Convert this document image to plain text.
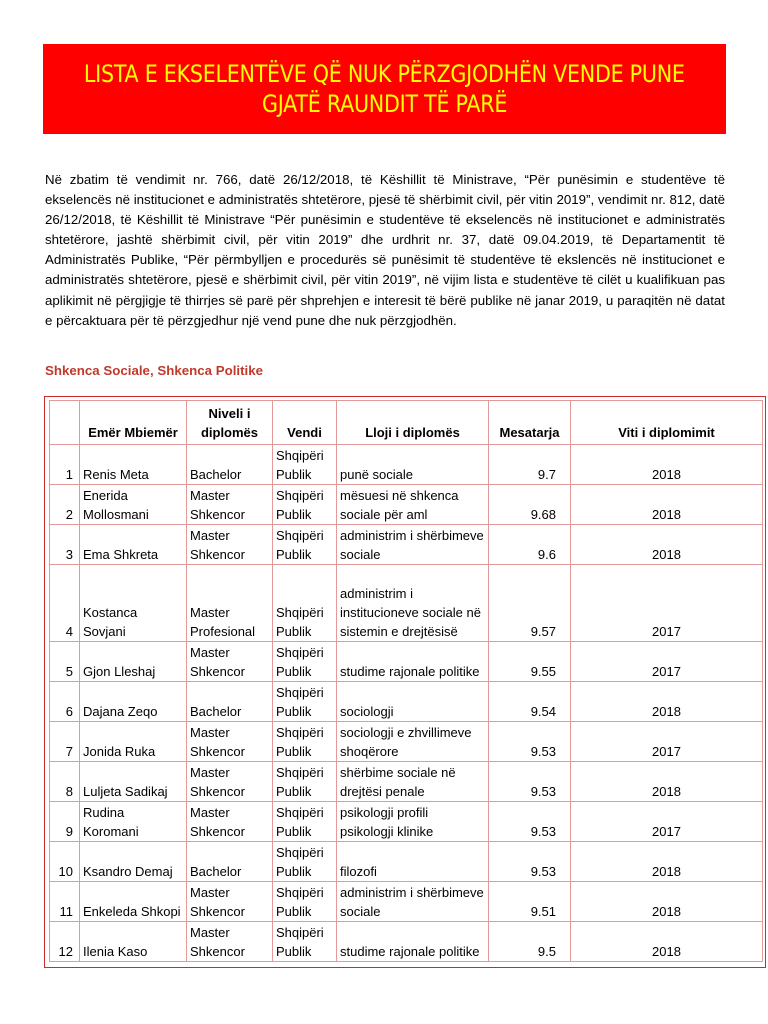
LISTA E EKSELENTËVE QË NUK PËRZGJODHËN VENDE PUNE
GJATË RAUNDIT TË PARË
Në zbatim të vendimit nr. 766, datë 26/12/2018, të Këshillit të Ministrave, “Për punësimin e studentëve të ekselencës në institucionet e administratës shtetërore, pjesë të shërbimit civil, për vitin 2019”, vendimit nr. 812, datë 26/12/2018, të Këshillit të Ministrave “Për punësimin e studentëve të ekselencës në institucionet e administratës shtetërore, jashtë shërbimit civil, për vitin 2019” dhe urdhrit nr. 37, datë 09.04.2019, të Departamentit të Administratës Publike, “Për përmbylljen e procedurës së punësimit të studentëve të ekslencës në institucionet e administratës shtetërore, pjesë e shërbimit civil, për vitin 2019”, në vijim lista e studentëve të cilët u kualifikuan pas aplikimit në përgjigje të thirrjes së parë për shprehjen e interesit të bërë publike në janar 2019, u paraqitën në datat e përcaktuara për të përzgjedhur një vend pune dhe nuk përzgjodhën.
Shkenca Sociale, Shkenca Politike
	Emër Mbiemër	Niveli i diplomës	Vendi	Lloji i diplomës	Mesatarja	Viti i diplomimit
1	Renis Meta	Bachelor	Shqipëri Publik	punë sociale	9.7	2018
2	Enerida Mollosmani	Master Shkencor	Shqipëri Publik	mësuesi në shkenca sociale për aml	9.68	2018
3	Ema Shkreta	Master Shkencor	Shqipëri Publik	administrim i shërbimeve sociale	9.6	2018
4	Kostanca Sovjani	Master Profesional	Shqipëri Publik	administrim i institucioneve sociale në sistemin e drejtësisë	9.57	2017
5	Gjon Lleshaj	Master Shkencor	Shqipëri Publik	studime rajonale politike	9.55	2017
6	Dajana Zeqo	Bachelor	Shqipëri Publik	sociologji	9.54	2018
7	Jonida Ruka	Master Shkencor	Shqipëri Publik	sociologji e zhvillimeve shoqërore	9.53	2017
8	Luljeta Sadikaj	Master Shkencor	Shqipëri Publik	shërbime sociale në drejtësi penale	9.53	2018
9	Rudina Koromani	Master Shkencor	Shqipëri Publik	psikologji profili psikologji klinike	9.53	2017
10	Ksandro Demaj	Bachelor	Shqipëri Publik	filozofi	9.53	2018
11	Enkeleda Shkopi	Master Shkencor	Shqipëri Publik	administrim i shërbimeve sociale	9.51	2018
12	Ilenia Kaso	Master Shkencor	Shqipëri Publik	studime rajonale politike	9.5	2018
